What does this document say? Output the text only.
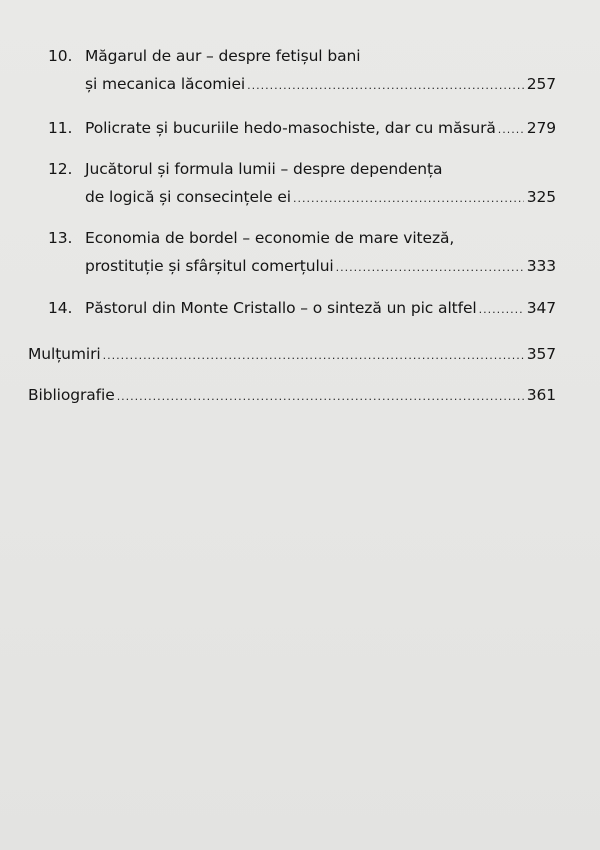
10. Măgarul de aur – despre fetișul bani
și mecanica lăcomiei .....	257
11. Policrate și bucuriile hedo-masochiste, dar cu măsură ..... 279
12. Jucătorul și formula lumii – despre dependența
de logică și consecințele ei .....	325
13. Economia de bordel – economie de mare viteză,
prostituție și sfârșitul comerțului .....	333
14. Păstorul din Monte Cristallo – o sinteză un pic altfel .....	347
Mulțumiri .....	357
Bibliografie .....	361
